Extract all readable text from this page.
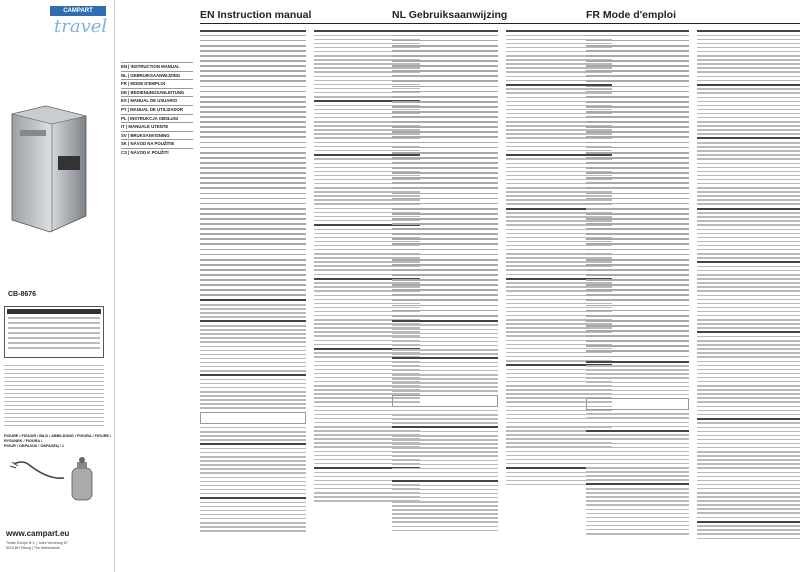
CAMPART
travel
CB-8676
FIGURE / FIGUUR / BILD / ABBILDUNG / FIGURA / FIGURE / RYSUNEK / FIGURA /
FIGUR / ОБРАЗОК / ОБРАЗЕЦ / 1
www.campart.eu
Tristar Europe B.V. | Jules Verneweg 87
5015 BH Tilburg | The Netherlands
EN | INSTRUCTION MANUAL
NL | GEBRUIKSAANWIJZING
FR | MODE D'EMPLOI
DE | BEDIENUNGSANLEITUNG
ES | MANUAL DE USUARIO
PT | MANUAL DE UTILIZADOR
PL | INSTRUKCJA OBSŁUGI
IT | MANUALE UTENTE
SV | BRUKSANVISNING
SK | NÁVOD NA POUŽITIE
CS | NÁVOD K POUŽITÍ
EN Instruction manual	NL Gebruiksaanwijzing	FR Mode d'emploi
